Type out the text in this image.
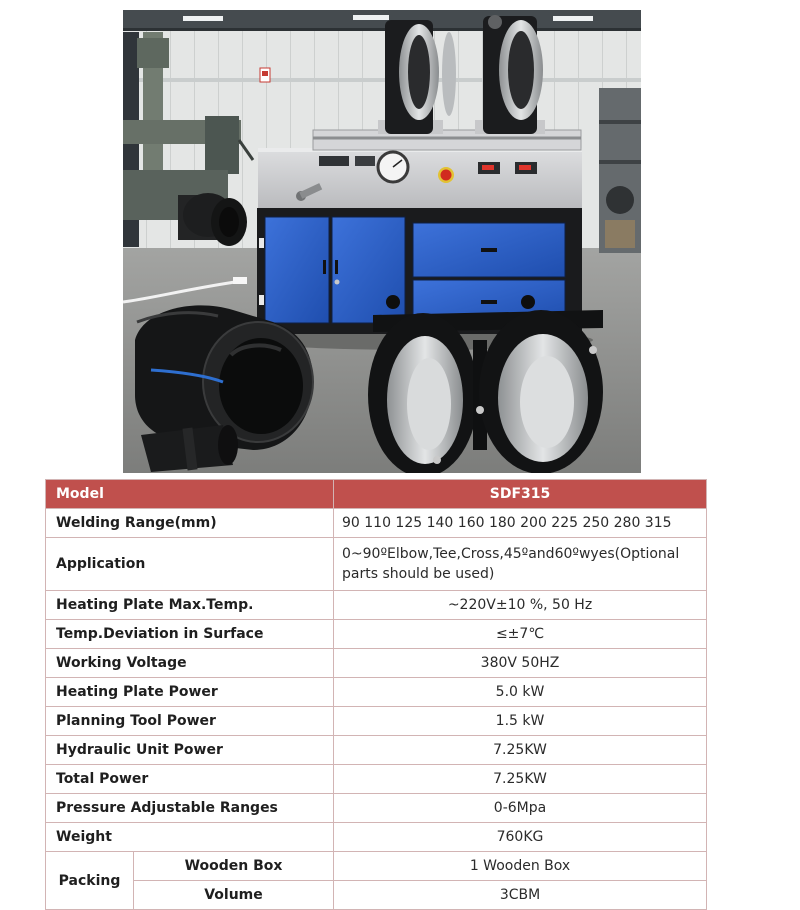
Model		SDF315
Welding Range(mm)		90 110 125 140 160 180 200 225 250 280 315
Application		0~90ºElbow,Tee,Cross,45ºand60ºwyes(Optional parts should be used)
Heating Plate Max.Temp.		~220V±10 %, 50 Hz
Temp.Deviation in Surface		≤±7℃
Working Voltage		380V 50HZ
Heating Plate Power		5.0 kW
Planning Tool Power		1.5 kW
Hydraulic Unit Power		7.25KW
Total Power		7.25KW
Pressure Adjustable Ranges		0-6Mpa
Weight		760KG
Packing	Wooden Box	1 Wooden Box
	Volume	3CBM
